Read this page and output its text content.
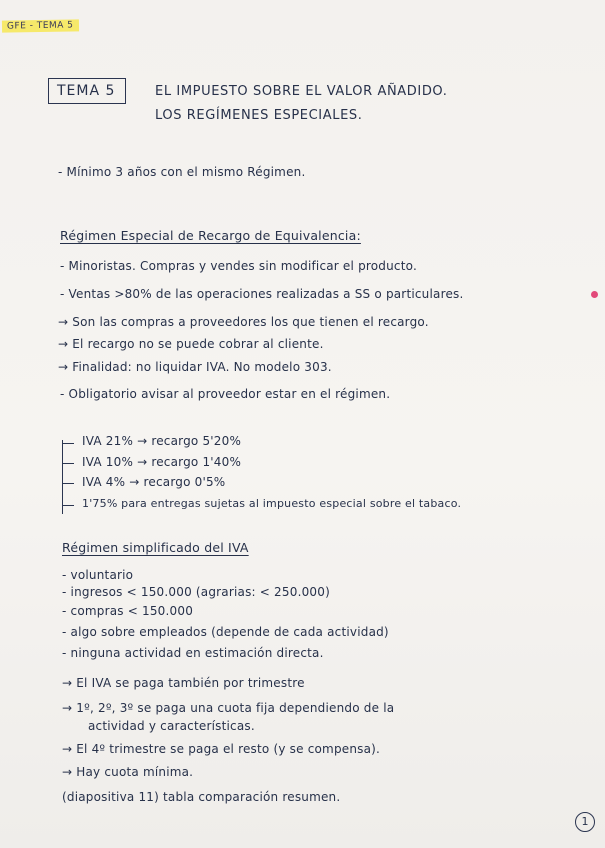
GFE - TEMA 5
TEMA 5	EL IMPUESTO SOBRE EL VALOR AÑADIDO.
LOS REGÍMENES ESPECIALES.
- Mínimo 3 años con el mismo Régimen.
Régimen Especial de Recargo de Equivalencia:
- Minoristas. Compras y vendes sin modificar el producto.
- Ventas >80% de las operaciones realizadas a SS o particulares.
→ Son las compras a proveedores los que tienen el recargo.
→ El recargo no se puede cobrar al cliente.
→ Finalidad: no liquidar IVA. No modelo 303.
- Obligatorio avisar al proveedor estar en el régimen.
IVA 21% → recargo 5'20%
IVA 10% → recargo 1'40%
IVA 4% → recargo 0'5%
1'75% para entregas sujetas al impuesto especial sobre el tabaco.
Régimen simplificado del IVA
- voluntario
- ingresos < 150.000 (agrarias: < 250.000)
- compras < 150.000
- algo sobre empleados (depende de cada actividad)
- ninguna actividad en estimación directa.
→ El IVA se paga también por trimestre
→ 1º, 2º, 3º se paga una cuota fija dependiendo de la
actividad y características.
→ El 4º trimestre se paga el resto (y se compensa).
→ Hay cuota mínima.
(diapositiva 11) tabla comparación resumen.
1
